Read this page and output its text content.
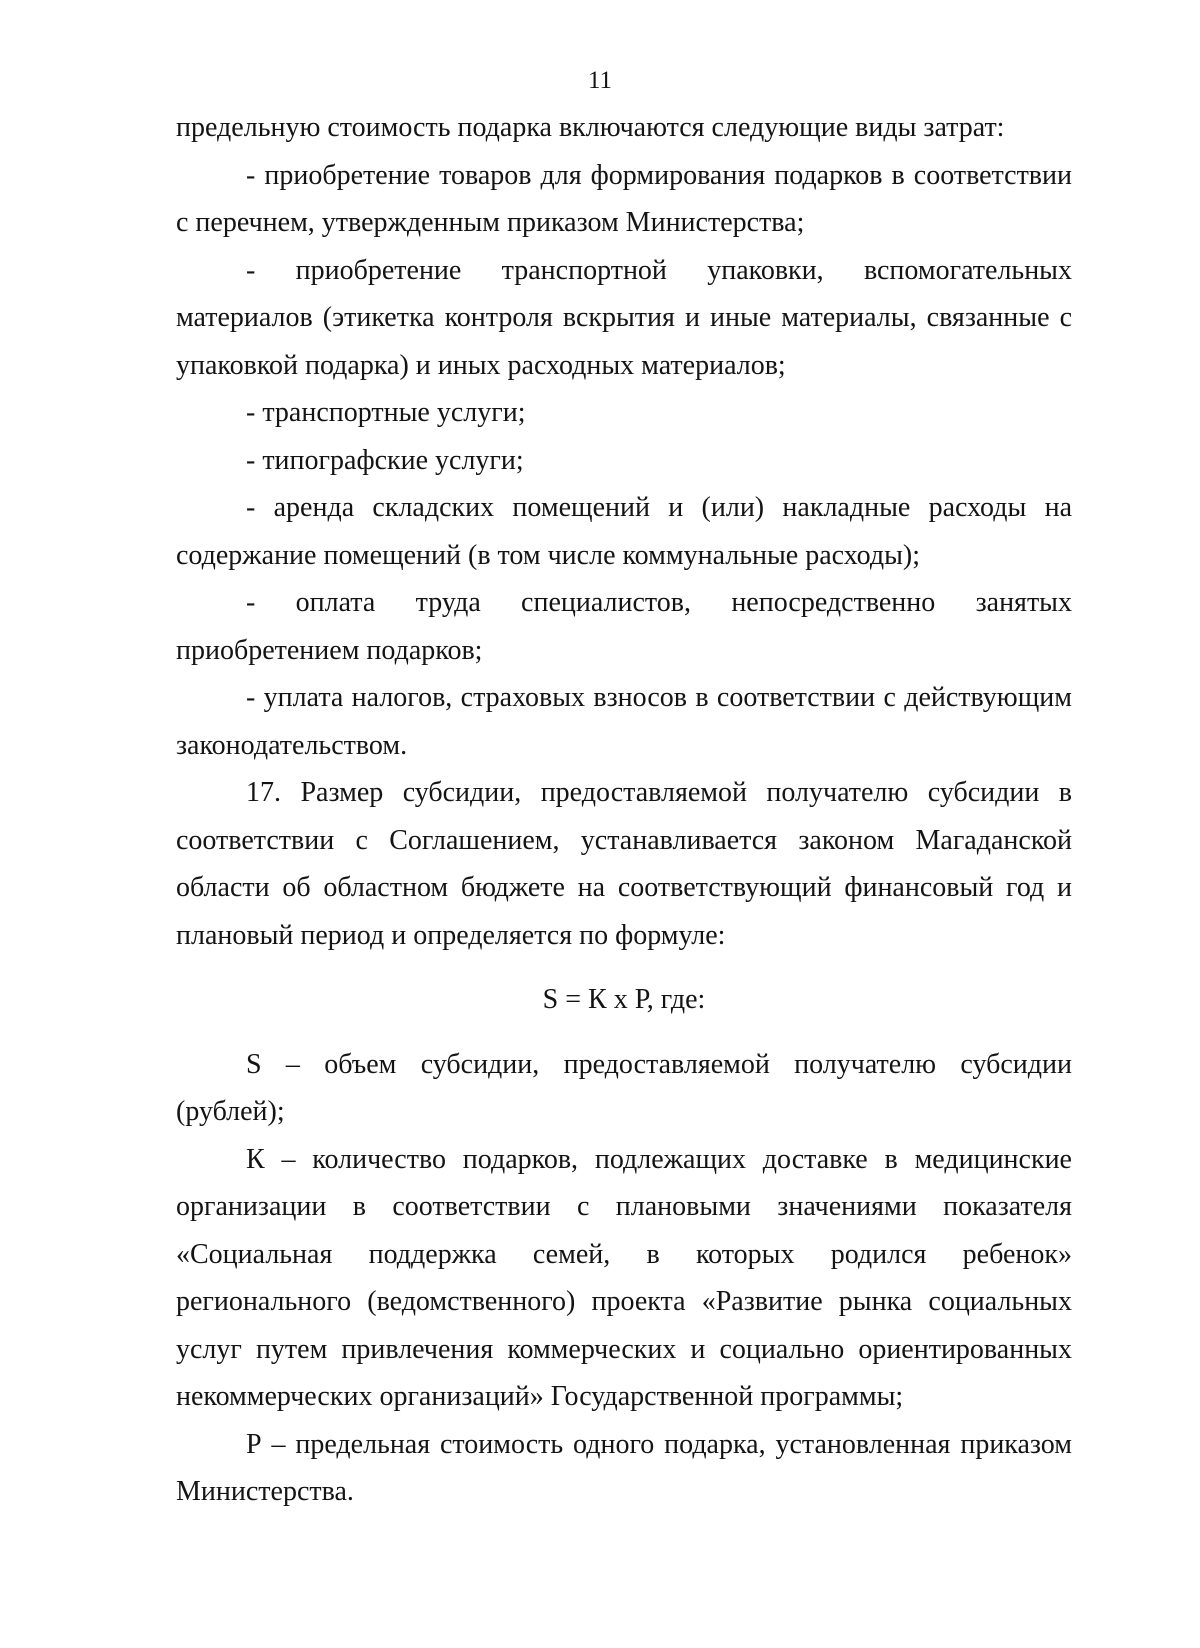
11

предельную стоимость подарка включаются следующие виды затрат:

- приобретение товаров для формирования подарков в соответствии с перечнем, утвержденным приказом Министерства;

- приобретение транспортной упаковки, вспомогательных материалов (этикетка контроля вскрытия и иные материалы, связанные с упаковкой подарка) и иных расходных материалов;

- транспортные услуги;

- типографские услуги;

- аренда складских помещений и (или) накладные расходы на содержание помещений (в том числе коммунальные расходы);

- оплата труда специалистов, непосредственно занятых приобретением подарков;

- уплата налогов, страховых взносов в соответствии с действующим законодательством.

17. Размер субсидии, предоставляемой получателю субсидии в соответствии с Соглашением, устанавливается законом Магаданской области об областном бюджете на соответствующий финансовый год и плановый период и определяется по формуле:

S = К х Р, где:

S – объем субсидии, предоставляемой получателю субсидии (рублей);

К – количество подарков, подлежащих доставке в медицинские организации в соответствии с плановыми значениями показателя «Социальная поддержка семей, в которых родился ребенок» регионального (ведомственного) проекта «Развитие рынка социальных услуг путем привлечения коммерческих и социально ориентированных некоммерческих организаций» Государственной программы;

Р – предельная стоимость одного подарка, установленная приказом Министерства.
